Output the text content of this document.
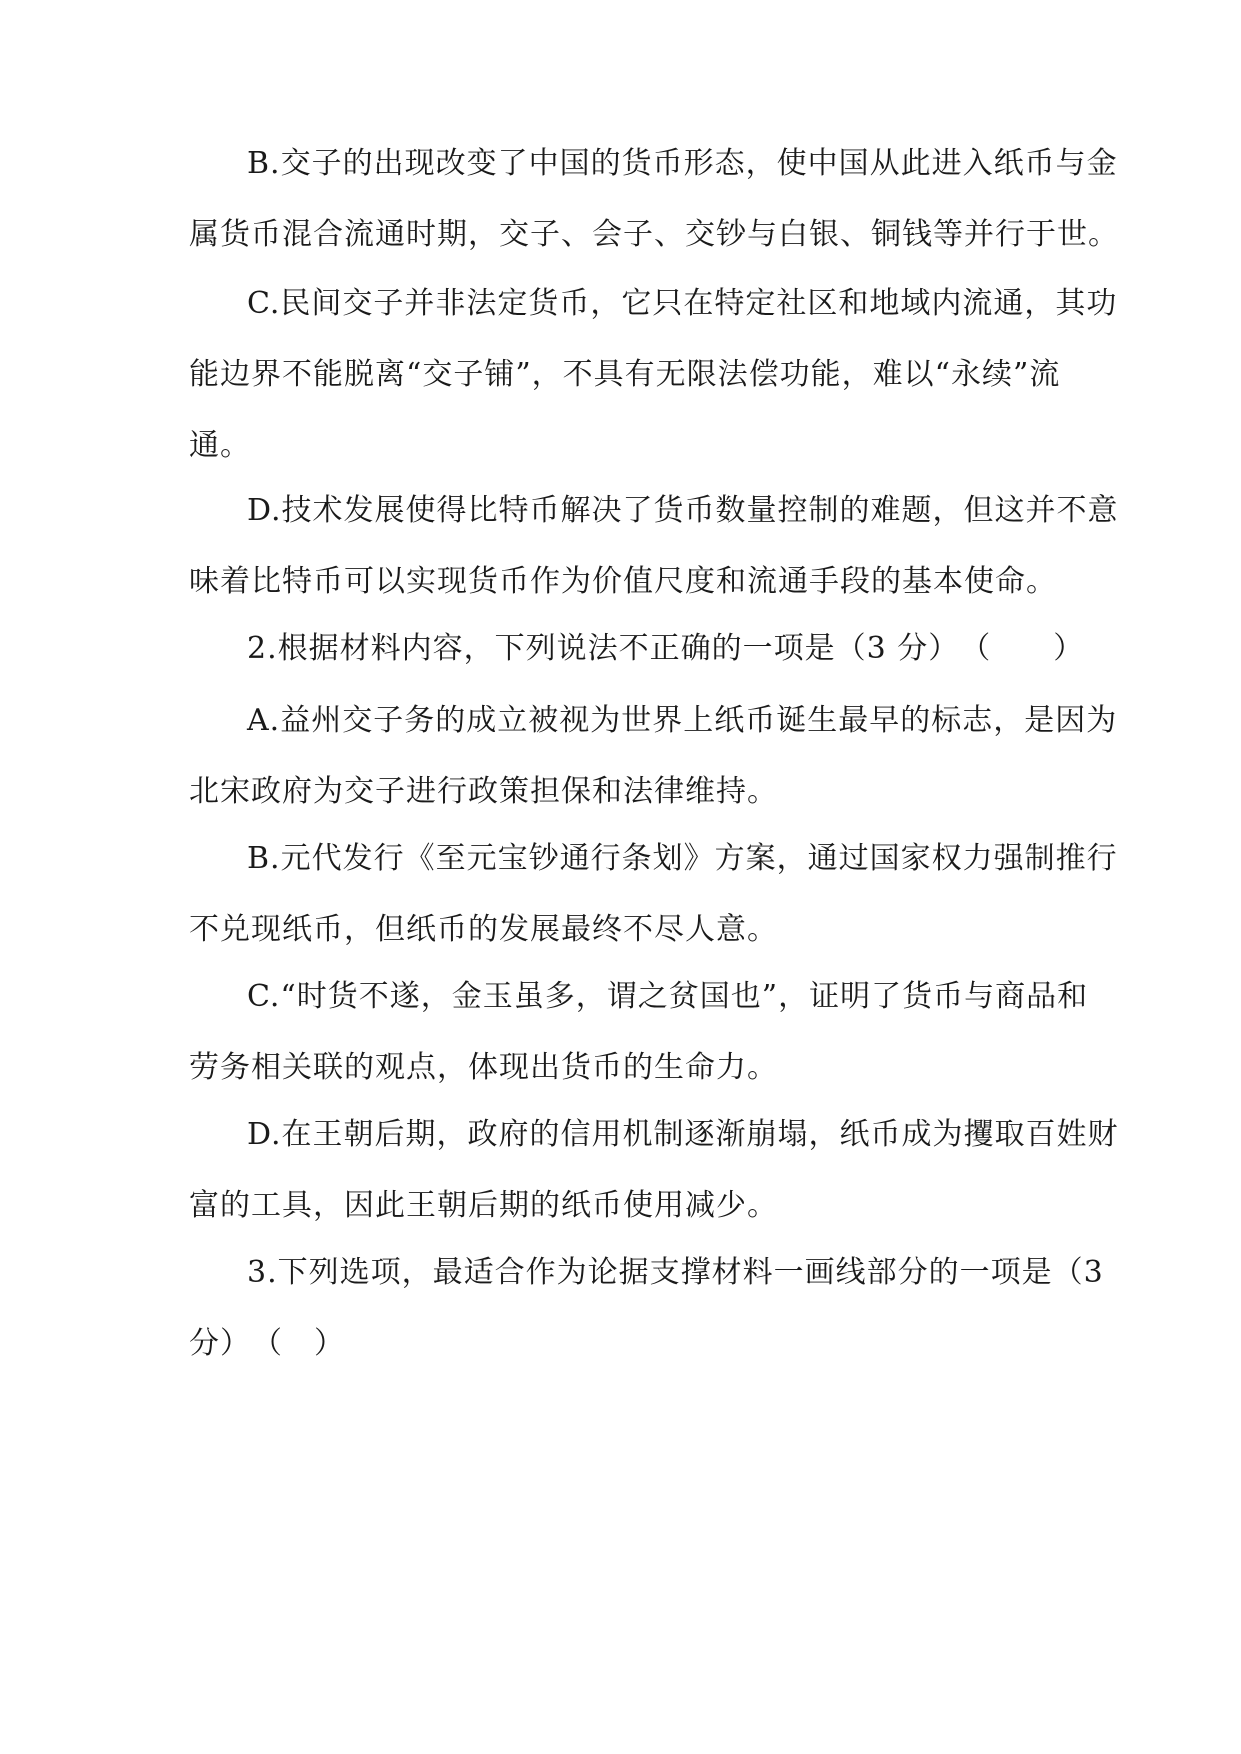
B.交子的出现改变了中国的货币形态，使中国从此进入纸币与金
属货币混合流通时期，交子、会子、交钞与白银、铜钱等并行于世。
C.民间交子并非法定货币，它只在特定社区和地域内流通，其功
能边界不能脱离“交子铺”，不具有无限法偿功能，难以“永续”流
通。
D.技术发展使得比特币解决了货币数量控制的难题，但这并不意
味着比特币可以实现货币作为价值尺度和流通手段的基本使命。
2.根据材料内容，下列说法不正确的一项是（3 分）　（　　）
A.益州交子务的成立被视为世界上纸币诞生最早的标志，是因为
北宋政府为交子进行政策担保和法律维持。
B.元代发行《至元宝钞通行条划》方案，通过国家权力强制推行
不兑现纸币，但纸币的发展最终不尽人意。
C.“时货不遂，金玉虽多，谓之贫国也”，证明了货币与商品和
劳务相关联的观点，体现出货币的生命力。
D.在王朝后期，政府的信用机制逐渐崩塌，纸币成为攫取百姓财
富的工具，因此王朝后期的纸币使用减少。
3.下列选项，最适合作为论据支撑材料一画线部分的一项是（3
分）　（　）
